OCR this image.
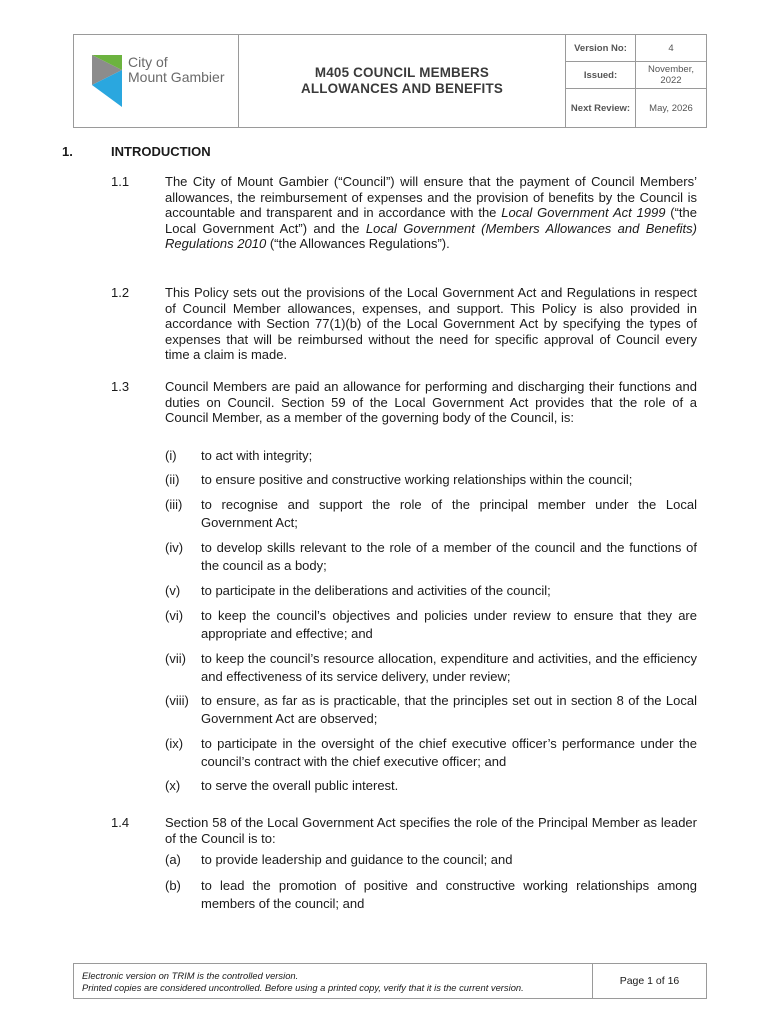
City of
Mount Gambier	M405 COUNCIL MEMBERS
ALLOWANCES AND BENEFITS
Version No:	4
Issued:	November, 2022
Next Review:	May, 2026
1.	INTRODUCTION
1.1	The City of Mount Gambier (“Council”) will ensure that the payment of Council Members’ allowances, the reimbursement of expenses and the provision of benefits by the Council is accountable and transparent and in accordance with the Local Government Act 1999 (“the Local Government Act”) and the Local Government (Members Allowances and Benefits) Regulations 2010 (“the Allowances Regulations”).
1.2	This Policy sets out the provisions of the Local Government Act and Regulations in respect of Council Member allowances, expenses, and support. This Policy is also provided in accordance with Section 77(1)(b) of the Local Government Act by specifying the types of expenses that will be reimbursed without the need for specific approval of Council every time a claim is made.
1.3	Council Members are paid an allowance for performing and discharging their functions and duties on Council. Section 59 of the Local Government Act provides that the role of a Council Member, as a member of the governing body of the Council, is:
(i)	to act with integrity;
(ii)	to ensure positive and constructive working relationships within the council;
(iii)	to recognise and support the role of the principal member under the Local Government Act;
(iv)	to develop skills relevant to the role of a member of the council and the functions of the council as a body;
(v)	to participate in the deliberations and activities of the council;
(vi)	to keep the council’s objectives and policies under review to ensure that they are appropriate and effective; and
(vii)	to keep the council’s resource allocation, expenditure and activities, and the efficiency and effectiveness of its service delivery, under review;
(viii) to ensure, as far as is practicable, that the principles set out in section 8 of the Local Government Act are observed;
(ix)	to participate in the oversight of the chief executive officer’s performance under the council’s contract with the chief executive officer; and
(x)	to serve the overall public interest.
1.4	Section 58 of the Local Government Act specifies the role of the Principal Member as leader of the Council is to:
(a)	to provide leadership and guidance to the council; and
(b)	to lead the promotion of positive and constructive working relationships among members of the council; and
Electronic version on TRIM is the controlled version.
Printed copies are considered uncontrolled. Before using a printed copy, verify that it is the current version.	Page 1 of 16
